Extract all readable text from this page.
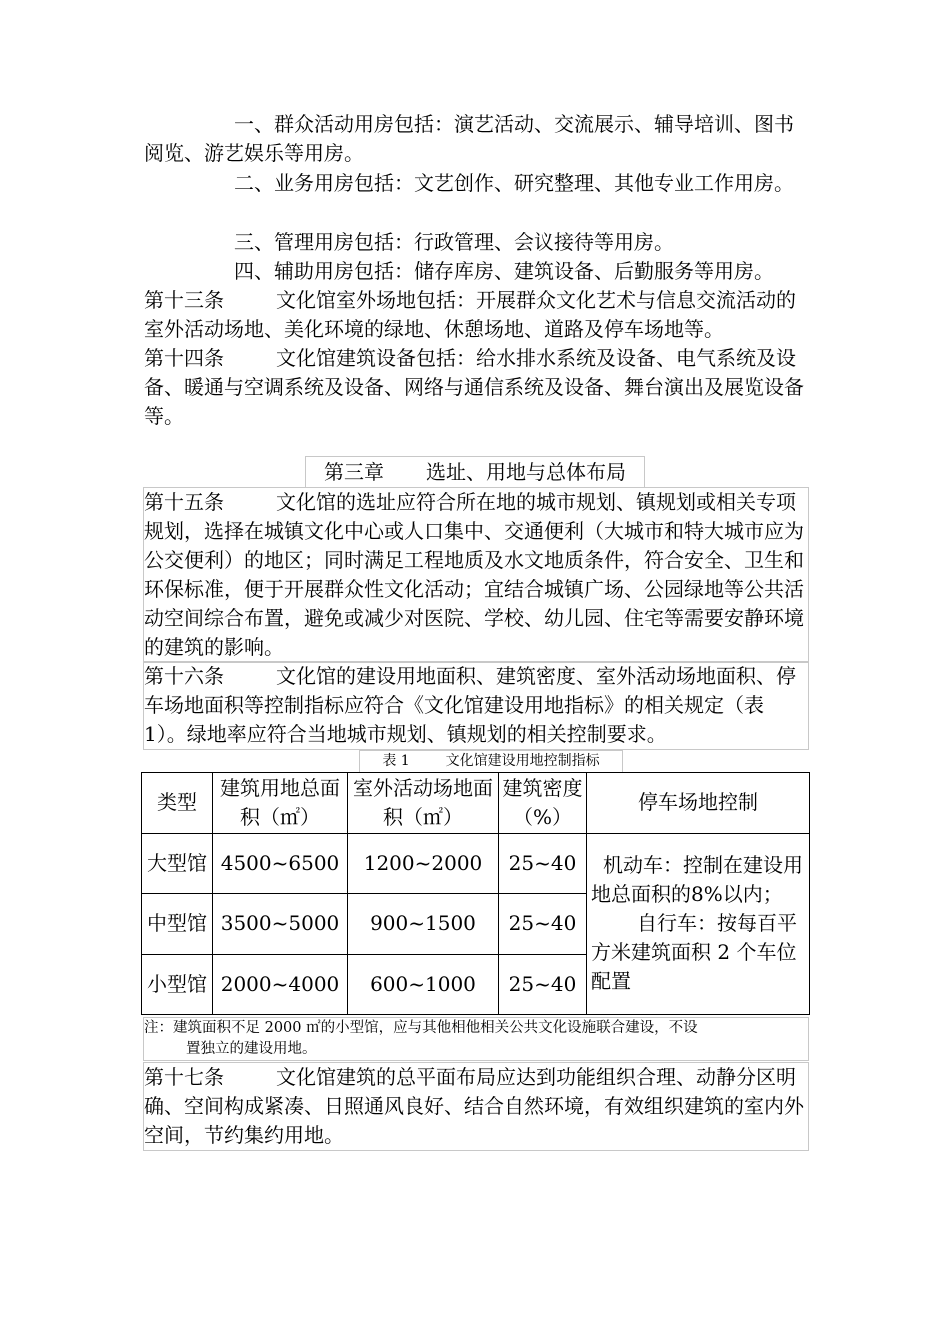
一、群众活动用房包括：演艺活动、交流展示、辅导培训、图书阅览、游艺娱乐等用房。
二、业务用房包括：文艺创作、研究整理、其他专业工作用房。
三、管理用房包括：行政管理、会议接待等用房。
四、辅助用房包括：储存库房、建筑设备、后勤服务等用房。
第十三条	文化馆室外场地包括：开展群众文化艺术与信息交流活动的室外活动场地、美化环境的绿地、休憩场地、道路及停车场地等。
第十四条	文化馆建筑设备包括：给水排水系统及设备、电气系统及设备、暖通与空调系统及设备、网络与通信系统及设备、舞台演出及展览设备等。
第三章 选址、用地与总体布局
第十五条	文化馆的选址应符合所在地的城市规划、镇规划或相关专项规划，选择在城镇文化中心或人口集中、交通便利（大城市和特大城市应为公交便利）的地区；同时满足工程地质及水文地质条件，符合安全、卫生和环保标准，便于开展群众性文化活动；宜结合城镇广场、公园绿地等公共活动空间综合布置，避免或减少对医院、学校、幼儿园、住宅等需要安静环境的建筑的影响。
第十六条	文化馆的建设用地面积、建筑密度、室外活动场地面积、停车场地面积等控制指标应符合《文化馆建设用地指标》的相关规定（表 1）。绿地率应符合当地城市规划、镇规划的相关控制要求。
表 1	文化馆建设用地控制指标
类型	建筑用地总面积（㎡）	室外活动场地面积（㎡）	建筑密度（%）	停车场地控制
大型馆	4500~6500	1200~2000	25~40	机动车：控制在建设用地总面积的8%以内；
自行车：按每百平方米建筑面积 2 个车位配置

中型馆	3500~5000	900~1500	25~40	
小型馆	2000~4000	600~1000	25~40	
注：建筑面积不足 2000 ㎡的小型馆，应与其他相他相关公共文化设施联合建设，不设
置独立的建设用地。
第十七条	文化馆建筑的总平面布局应达到功能组织合理、动静分区明确、空间构成紧凑、日照通风良好、结合自然环境，有效组织建筑的室内外空间，节约集约用地。
